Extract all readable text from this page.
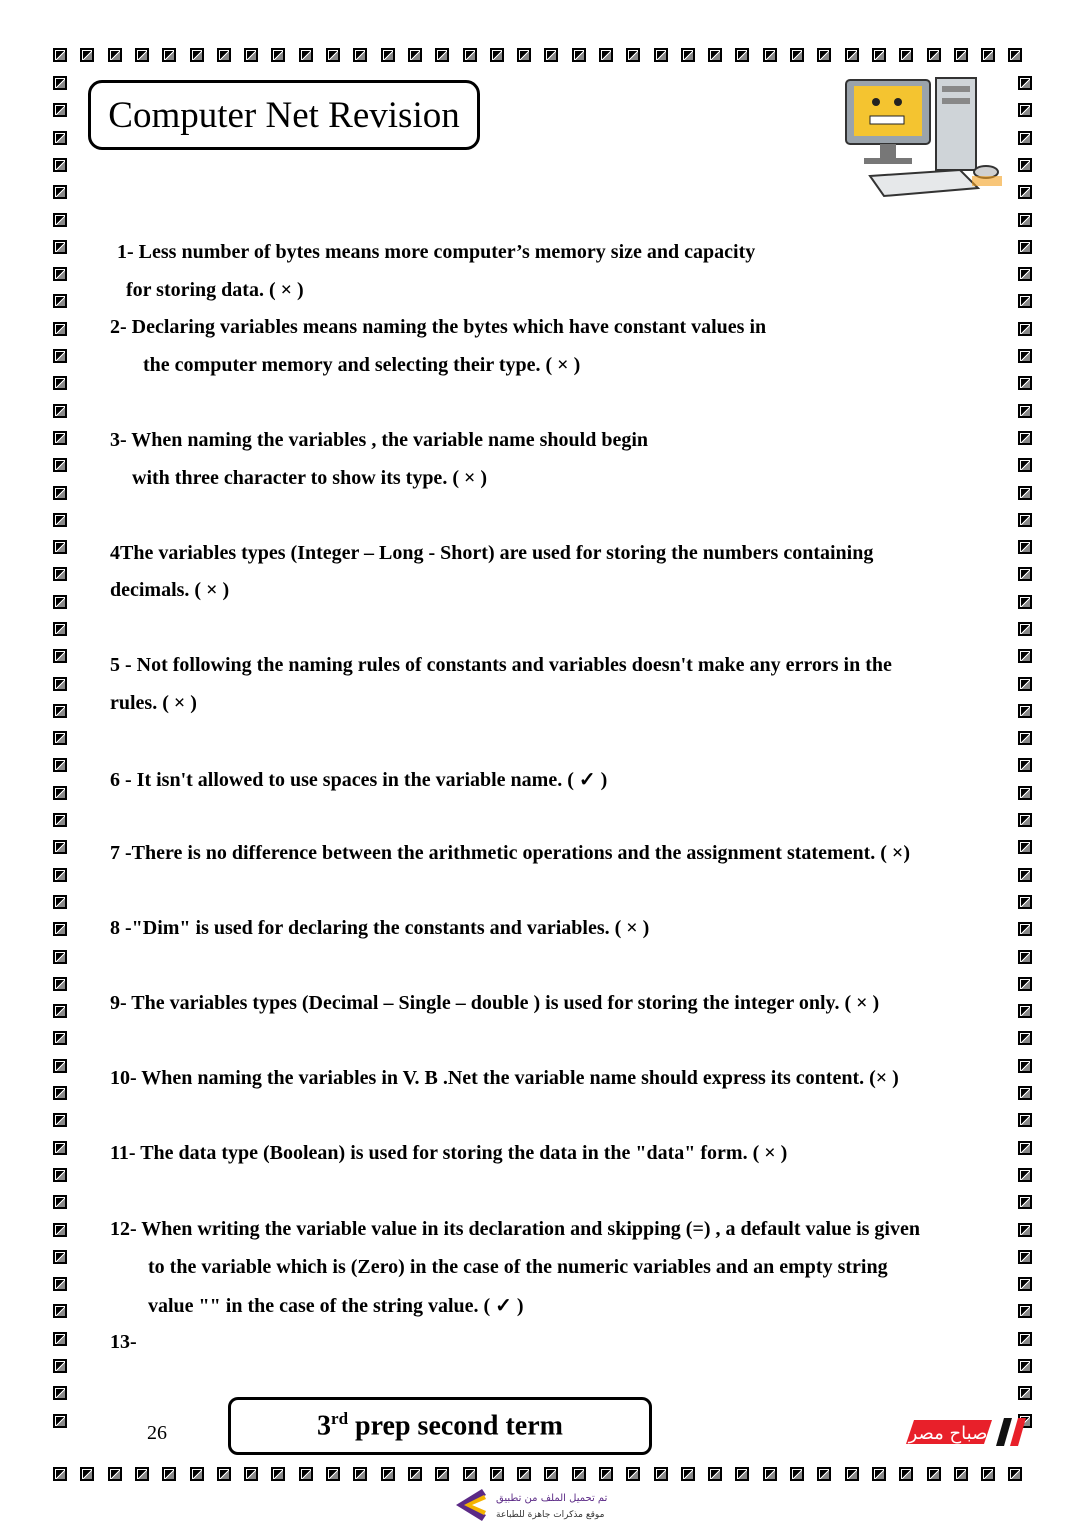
Computer Net Revision
1- Less number of bytes means more computer’s memory size and capacity
for storing data. ( × )
2- Declaring variables means naming the bytes which have constant values in
the computer memory and selecting their type. ( × )
3- When naming the variables , the variable name should begin
with three character to show its type. ( × )
4The variables types (Integer – Long - Short) are used for storing the numbers containing
decimals. ( × )
5 - Not following the naming rules of constants and variables doesn't make any errors in the
rules. ( × )
6 - It isn't allowed to use spaces in the variable name. ( ✓ )
7 -There is no difference between the arithmetic operations and the assignment statement. ( ×)
8 -"Dim" is used for declaring the constants and variables. ( × )
9- The variables types (Decimal – Single – double ) is used for storing the integer only. ( × )
10- When naming the variables in V. B .Net the variable name should express its content. (× )
11- The data type (Boolean) is used for storing the data in the "data" form. ( × )
12- When writing the variable value in its declaration and skipping (=) , a default value is given
to the variable which is (Zero) in the case of the numeric variables and an empty string
value "" in the case of the string value. ( ✓ )
13-
26	3rd prep second term	صباح مصر
تم تحميل الملف من تطبيق
موقع مذكرات جاهزة للطباعة
